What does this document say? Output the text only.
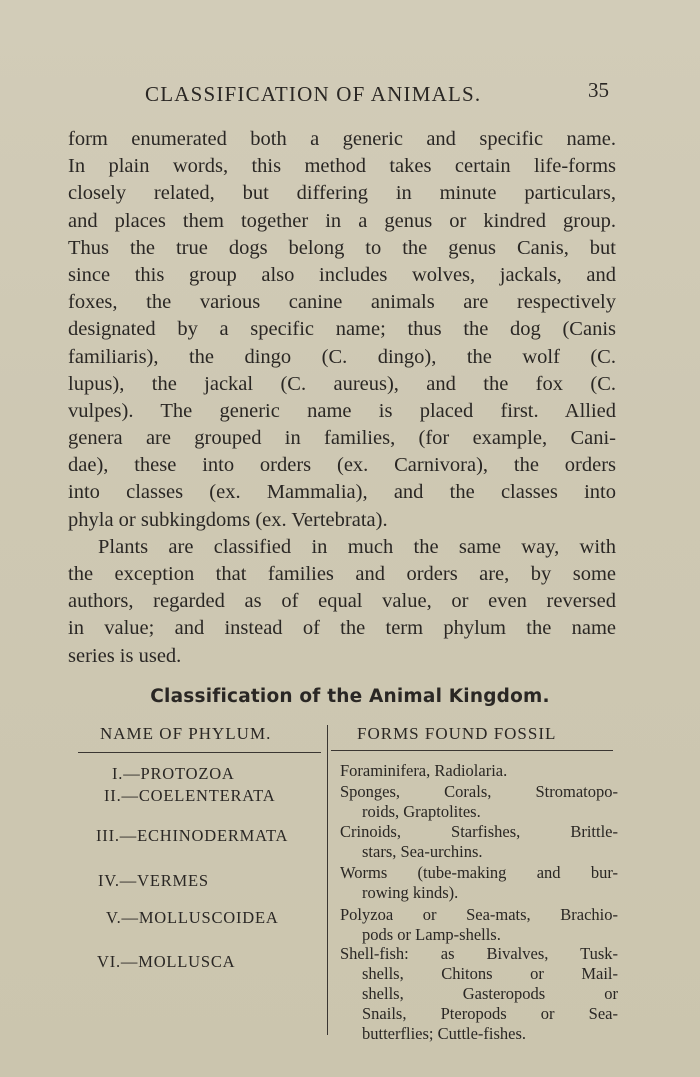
CLASSIFICATION OF ANIMALS.	35
form enumerated both a generic and specific name.
In plain words, this method takes certain life-forms
closely related, but differing in minute particulars,
and places them together in a genus or kindred group.
Thus the true dogs belong to the genus Canis, but
since this group also includes wolves, jackals, and
foxes, the various canine animals are respectively
designated by a specific name; thus the dog (Canis
familiaris), the dingo (C. dingo), the wolf (C.
lupus), the jackal (C. aureus), and the fox (C.
vulpes). The generic name is placed first. Allied
genera are grouped in families, (for example, Cani-
dae), these into orders (ex. Carnivora), the orders
into classes (ex. Mammalia), and the classes into
phyla or subkingdoms (ex. Vertebrata).
Plants are classified in much the same way, with
the exception that families and orders are, by some
authors, regarded as of equal value, or even reversed
in value; and instead of the term phylum the name
series is used.
Classification of the Animal Kingdom.
NAME OF PHYLUM.	FORMS FOUND FOSSIL
I.—PROTOZOA
II.—COELENTERATA
III.—ECHINODERMATA
IV.—VERMES
V.—MOLLUSCOIDEA
VI.—MOLLUSCA
Foraminifera, Radiolaria.
Sponges, Corals, Stromatopo-
roids, Graptolites.
Crinoids, Starfishes, Brittle-
stars, Sea-urchins.
Worms (tube-making and bur-
rowing kinds).
Polyzoa or Sea-mats, Brachio-
pods or Lamp-shells.
Shell-fish: as Bivalves, Tusk-
shells, Chitons or Mail-
shells, Gasteropods or
Snails, Pteropods or Sea-
butterflies; Cuttle-fishes.
